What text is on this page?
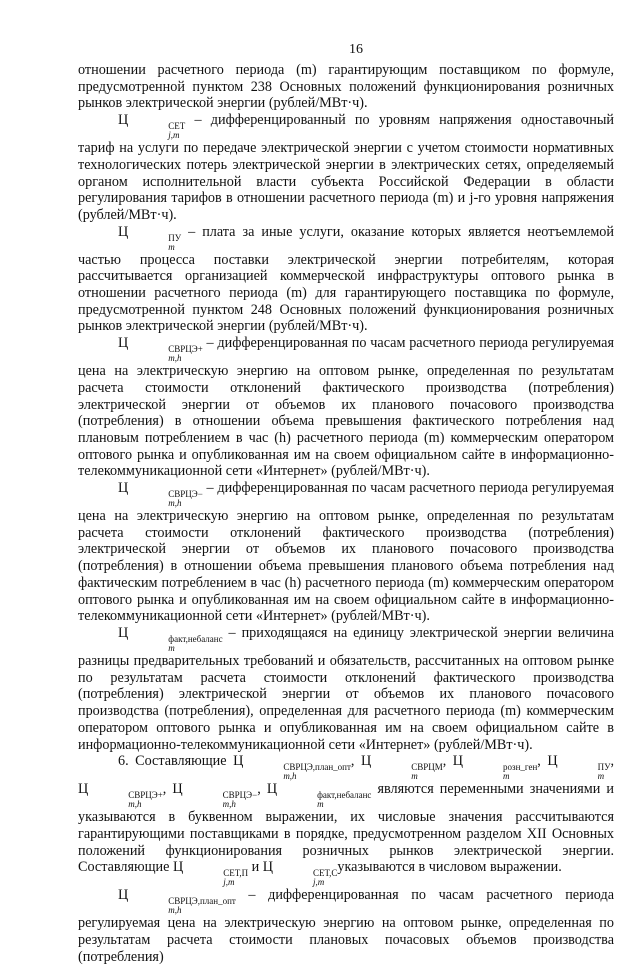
16

отношении расчетного периода (m) гарантирующим поставщиком по формуле, предусмотренной пунктом 238 Основных положений функционирования розничных рынков электрической энергии (рублей/МВт·ч).

Ц	СЕТ
j,m
– дифференцированный по уровням напряжения одноставочный тариф на услуги по передаче электрической энергии с учетом стоимости нормативных технологических потерь электрической энергии в электрических сетях, определяемый органом исполнительной власти субъекта Российской Федерации в области регулирования тарифов в отношении расчетного периода (m) и j-го уровня напряжения (рублей/МВт·ч).

Ц	ПУ
m
– плата за иные услуги, оказание которых является неотъемлемой частью процесса поставки электрической энергии потребителям, которая рассчитывается организацией коммерческой инфраструктуры оптового рынка в отношении расчетного периода (m) для гарантирующего поставщика по формуле, предусмотренной пунктом 248 Основных положений функционирования розничных рынков электрической энергии (рублей/МВт·ч).

Ц	СВРЦЭ+
m,h
– дифференцированная по часам расчетного периода регулируемая цена на электрическую энергию на оптовом рынке, определенная по результатам расчета стоимости отклонений фактического производства (потребления) электрической энергии от объемов их планового почасового производства (потребления) в отношении объема превышения фактического потребления над плановым потреблением в час (h) расчетного периода (m) коммерческим оператором оптового рынка и опубликованная им на своем официальном сайте в информационно-телекоммуникационной сети «Интернет» (рублей/МВт·ч).

Ц	СВРЦЭ−
m,h
– дифференцированная по часам расчетного периода регулируемая цена на электрическую энергию на оптовом рынке, определенная по результатам расчета стоимости отклонений фактического производства (потребления) электрической энергии от объемов их планового почасового производства (потребления) в отношении объема превышения планового объема потребления над фактическим потреблением в час (h) расчетного периода (m) коммерческим оператором оптового рынка и опубликованная им на своем официальном сайте в информационно-телекоммуникационной сети «Интернет» (рублей/МВт·ч).

Ц	факт,небаланс
m
– приходящаяся на единицу электрической энергии величина разницы предварительных требований и обязательств, рассчитанных на оптовом рынке по результатам расчета стоимости отклонений фактического производства (потребления) электрической энергии от объемов их планового почасового производства (потребления), определенная для расчетного периода (m) коммерческим оператором оптового рынка и опубликованная им на своем официальном сайте в информационно-телекоммуникационной сети «Интернет» (рублей/МВт·ч).

6. Составляющие Ц	СВРЦЭ,план_опт
m,h
, Ц	СВРЦМ
m
, Ц	розн_ген
m
, Ц	ПУ
m
, Ц	СВРЦЭ+
m,h
, Ц	СВРЦЭ−
m,h
, Ц	факт,небаланс
m
являются переменными значениями и указываются в буквенном выражении, их числовые значения рассчитываются гарантирующими поставщиками в порядке, предусмотренном разделом XII Основных положений функционирования розничных рынков электрической энергии. Составляющие Ц	СЕТ,П
j,m
и Ц	СЕТ,С
j,m
указываются в числовом выражении.

Ц	СВРЦЭ,план_опт
m,h
– дифференцированная по часам расчетного периода регулируемая цена на электрическую энергию на оптовом рынке, определенная по результатам расчета стоимости плановых почасовых объемов производства (потребления)
